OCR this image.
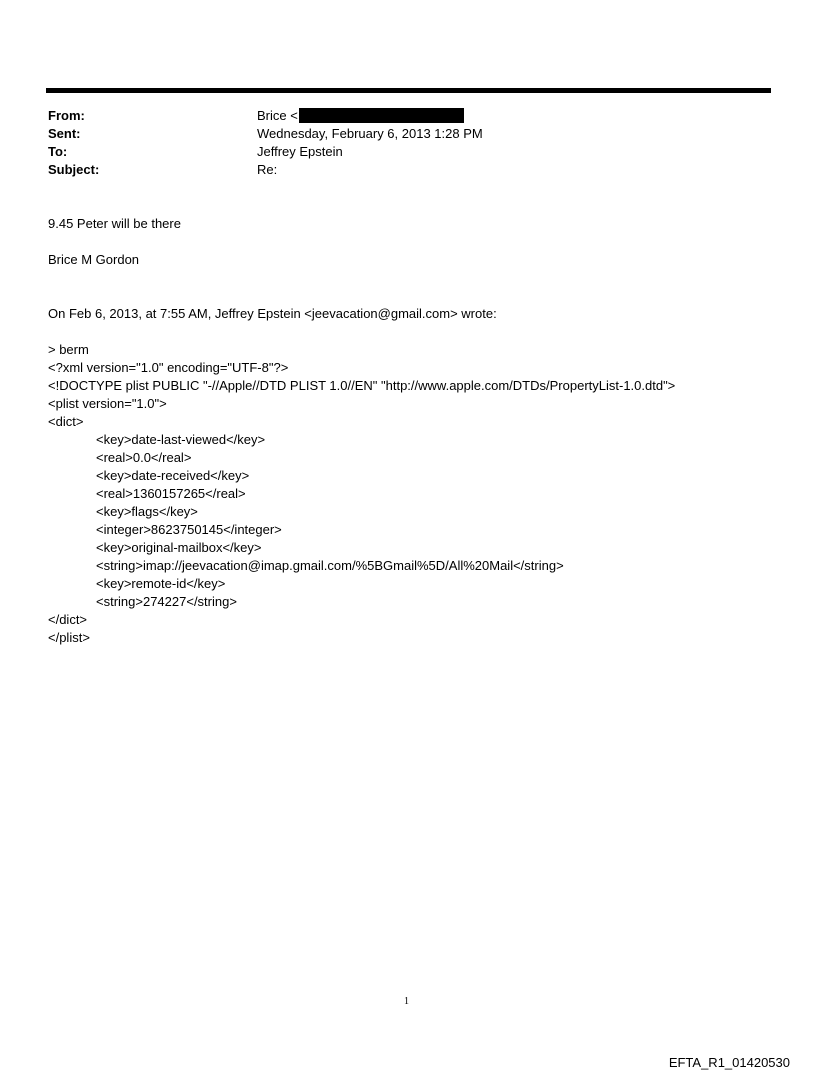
From:	Brice <
Sent:	Wednesday, February 6, 2013 1:28 PM
To:	Jeffrey Epstein
Subject:	Re:
9.45 Peter will be there
Brice M Gordon
On Feb 6, 2013, at 7:55 AM, Jeffrey Epstein <jeevacation@gmail.com> wrote:
> berm
<?xml version="1.0" encoding="UTF-8"?>
<!DOCTYPE plist PUBLIC "-//Apple//DTD PLIST 1.0//EN" "http://www.apple.com/DTDs/PropertyList-1.0.dtd">
<plist version="1.0">
<dict>
<key>date-last-viewed</key>
<real>0.0</real>
<key>date-received</key>
<real>1360157265</real>
<key>flags</key>
<integer>8623750145</integer>
<key>original-mailbox</key>
<string>imap://jeevacation@imap.gmail.com/%5BGmail%5D/All%20Mail</string>
<key>remote-id</key>
<string>274227</string>
</dict>
</plist>
1
EFTA_R1_01420530
